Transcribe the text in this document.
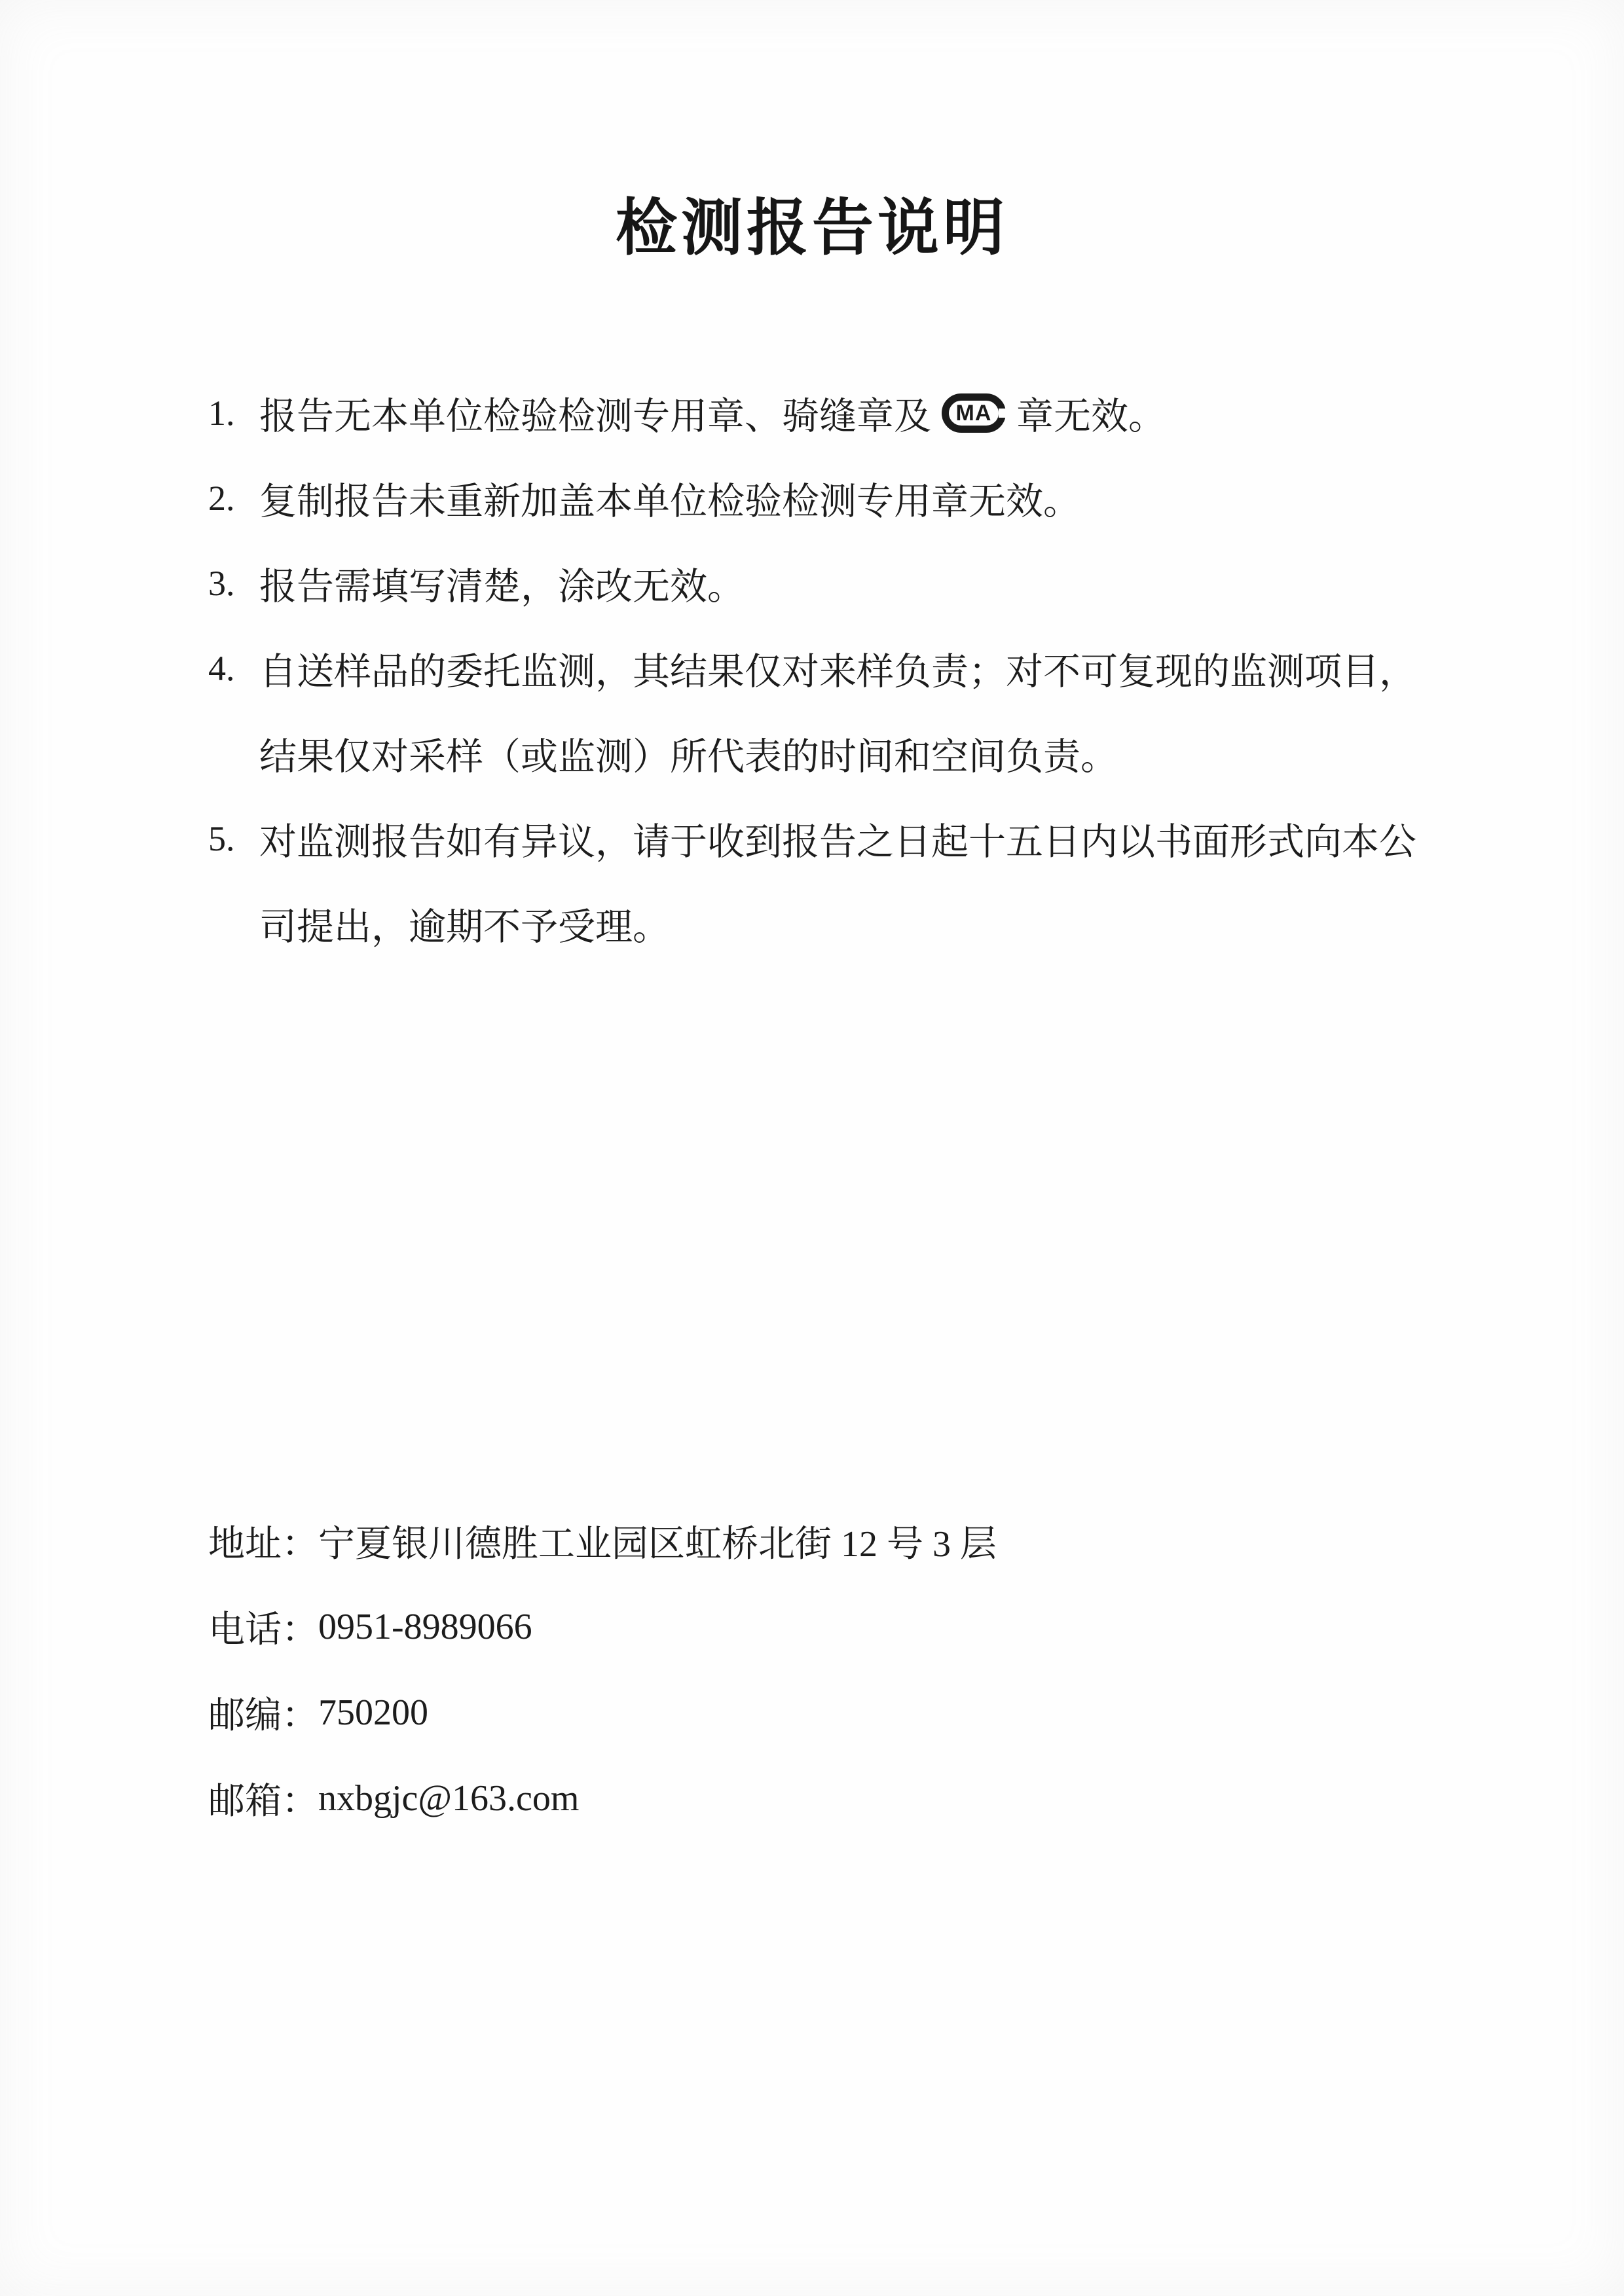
检测报告说明
1. 报告无本单位检验检测专用章、骑缝章及 MA 章无效。
2. 复制报告未重新加盖本单位检验检测专用章无效。
3. 报告需填写清楚，涂改无效。
4. 自送样品的委托监测，其结果仅对来样负责；对不可复现的监测项目，
结果仅对采样（或监测）所代表的时间和空间负责。
5. 对监测报告如有异议，请于收到报告之日起十五日内以书面形式向本公
司提出，逾期不予受理。
地址： 宁夏银川德胜工业园区虹桥北街 12 号 3 层
电话： 0951-8989066
邮编： 750200
邮箱： nxbgjc@163.com
